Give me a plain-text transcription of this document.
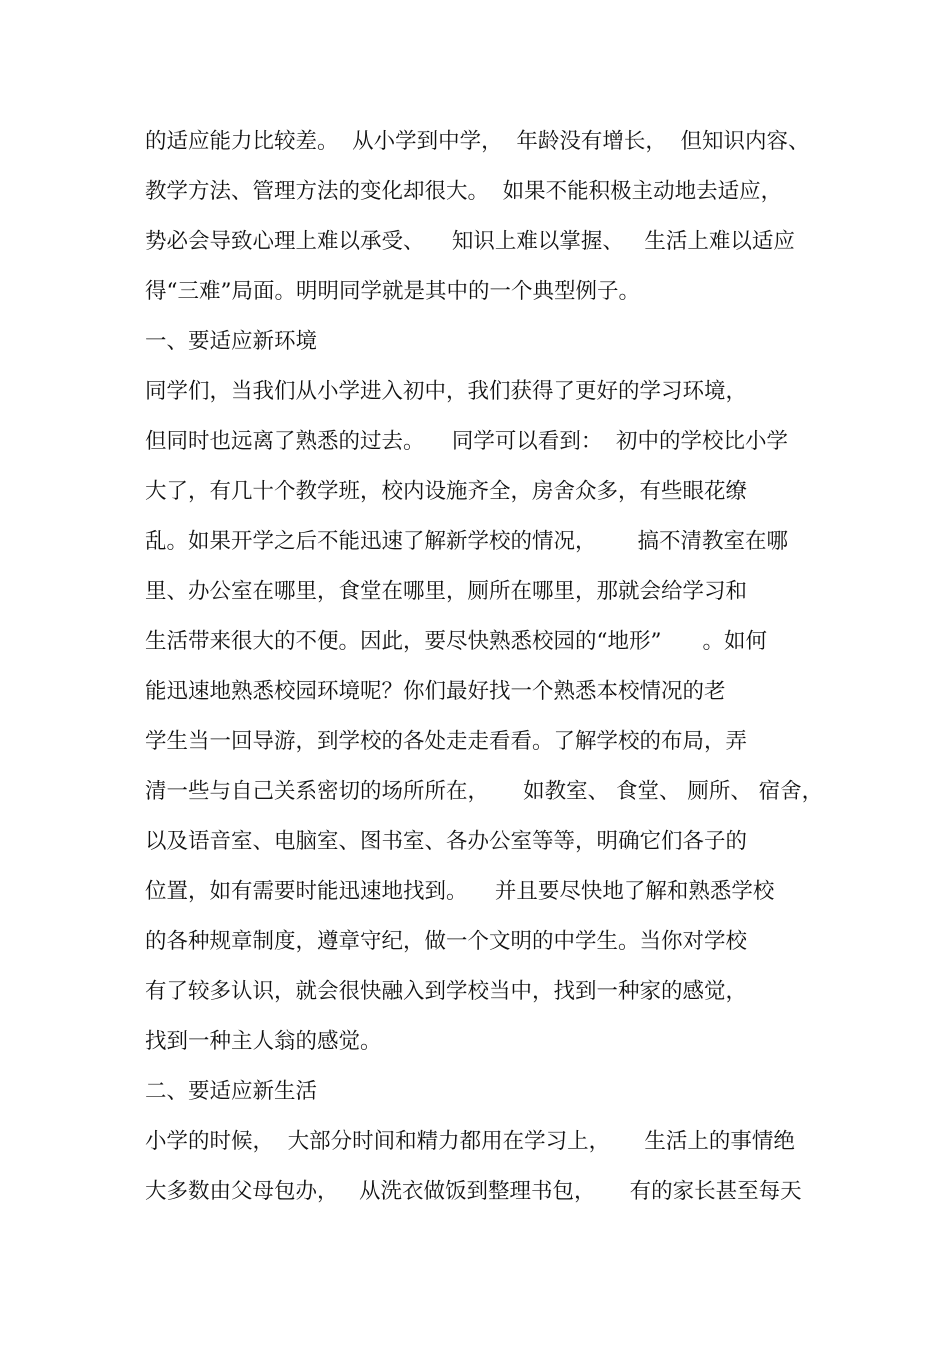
的适应能力比较差。  从小学到中学，  年龄没有增长，  但知识内容、

教学方法、管理方法的变化却很大。  如果不能积极主动地去适应，

势必会导致心理上难以承受、    知识上难以掌握、   生活上难以适应

得“三难”局面。明明同学就是其中的一个典型例子。

一、要适应新环境

同学们，当我们从小学进入初中，我们获得了更好的学习环境，

但同时也远离了熟悉的过去。    同学可以看到：  初中的学校比小学

大了，有几十个教学班，校内设施齐全，房舍众多，有些眼花缭

乱。如果开学之后不能迅速了解新学校的情况，      搞不清教室在哪

里、办公室在哪里，食堂在哪里，厕所在哪里，那就会给学习和

生活带来很大的不便。因此，要尽快熟悉校园的“地形”      。如何

能迅速地熟悉校园环境呢？你们最好找一个熟悉本校情况的老

学生当一回导游，到学校的各处走走看看。了解学校的布局，弄

清一些与自己关系密切的场所所在，     如教室、 食堂、 厕所、 宿舍，

以及语音室、电脑室、图书室、各办公室等等，明确它们各子的

位置，如有需要时能迅速地找到。    并且要尽快地了解和熟悉学校

的各种规章制度，遵章守纪，做一个文明的中学生。当你对学校

有了较多认识，就会很快融入到学校当中，找到一种家的感觉，

找到一种主人翁的感觉。

二、要适应新生活

小学的时候，  大部分时间和精力都用在学习上，     生活上的事情绝

大多数由父母包办，   从洗衣做饭到整理书包，     有的家长甚至每天
